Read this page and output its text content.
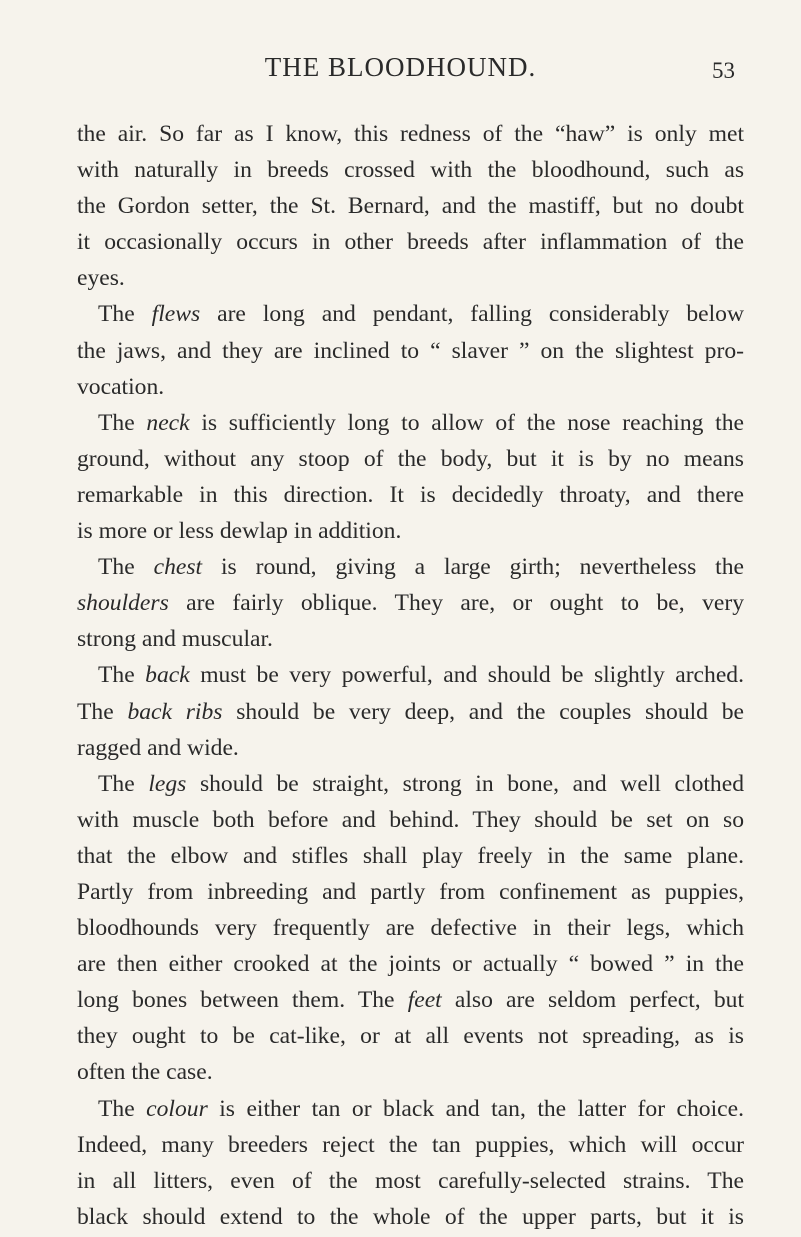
THE BLOODHOUND.	53
the air. So far as I know, this redness of the “haw” is only met
with naturally in breeds crossed with the bloodhound, such as
the Gordon setter, the St. Bernard, and the mastiff, but no doubt
it occasionally occurs in other breeds after inflammation of the
eyes.
The flews are long and pendant, falling considerably below
the jaws, and they are inclined to “ slaver ” on the slightest pro-
vocation.
The neck is sufficiently long to allow of the nose reaching the
ground, without any stoop of the body, but it is by no means
remarkable in this direction. It is decidedly throaty, and there
is more or less dewlap in addition.
The chest is round, giving a large girth; nevertheless the
shoulders are fairly oblique. They are, or ought to be, very
strong and muscular.
The back must be very powerful, and should be slightly arched.
The back ribs should be very deep, and the couples should be
ragged and wide.
The legs should be straight, strong in bone, and well clothed
with muscle both before and behind. They should be set on so
that the elbow and stifles shall play freely in the same plane.
Partly from inbreeding and partly from confinement as puppies,
bloodhounds very frequently are defective in their legs, which
are then either crooked at the joints or actually “ bowed ” in the
long bones between them. The feet also are seldom perfect, but
they ought to be cat-like, or at all events not spreading, as is
often the case.
The colour is either tan or black and tan, the latter for choice.
Indeed, many breeders reject the tan puppies, which will occur
in all litters, even of the most carefully-selected strains. The
black should extend to the whole of the upper parts, but it is
